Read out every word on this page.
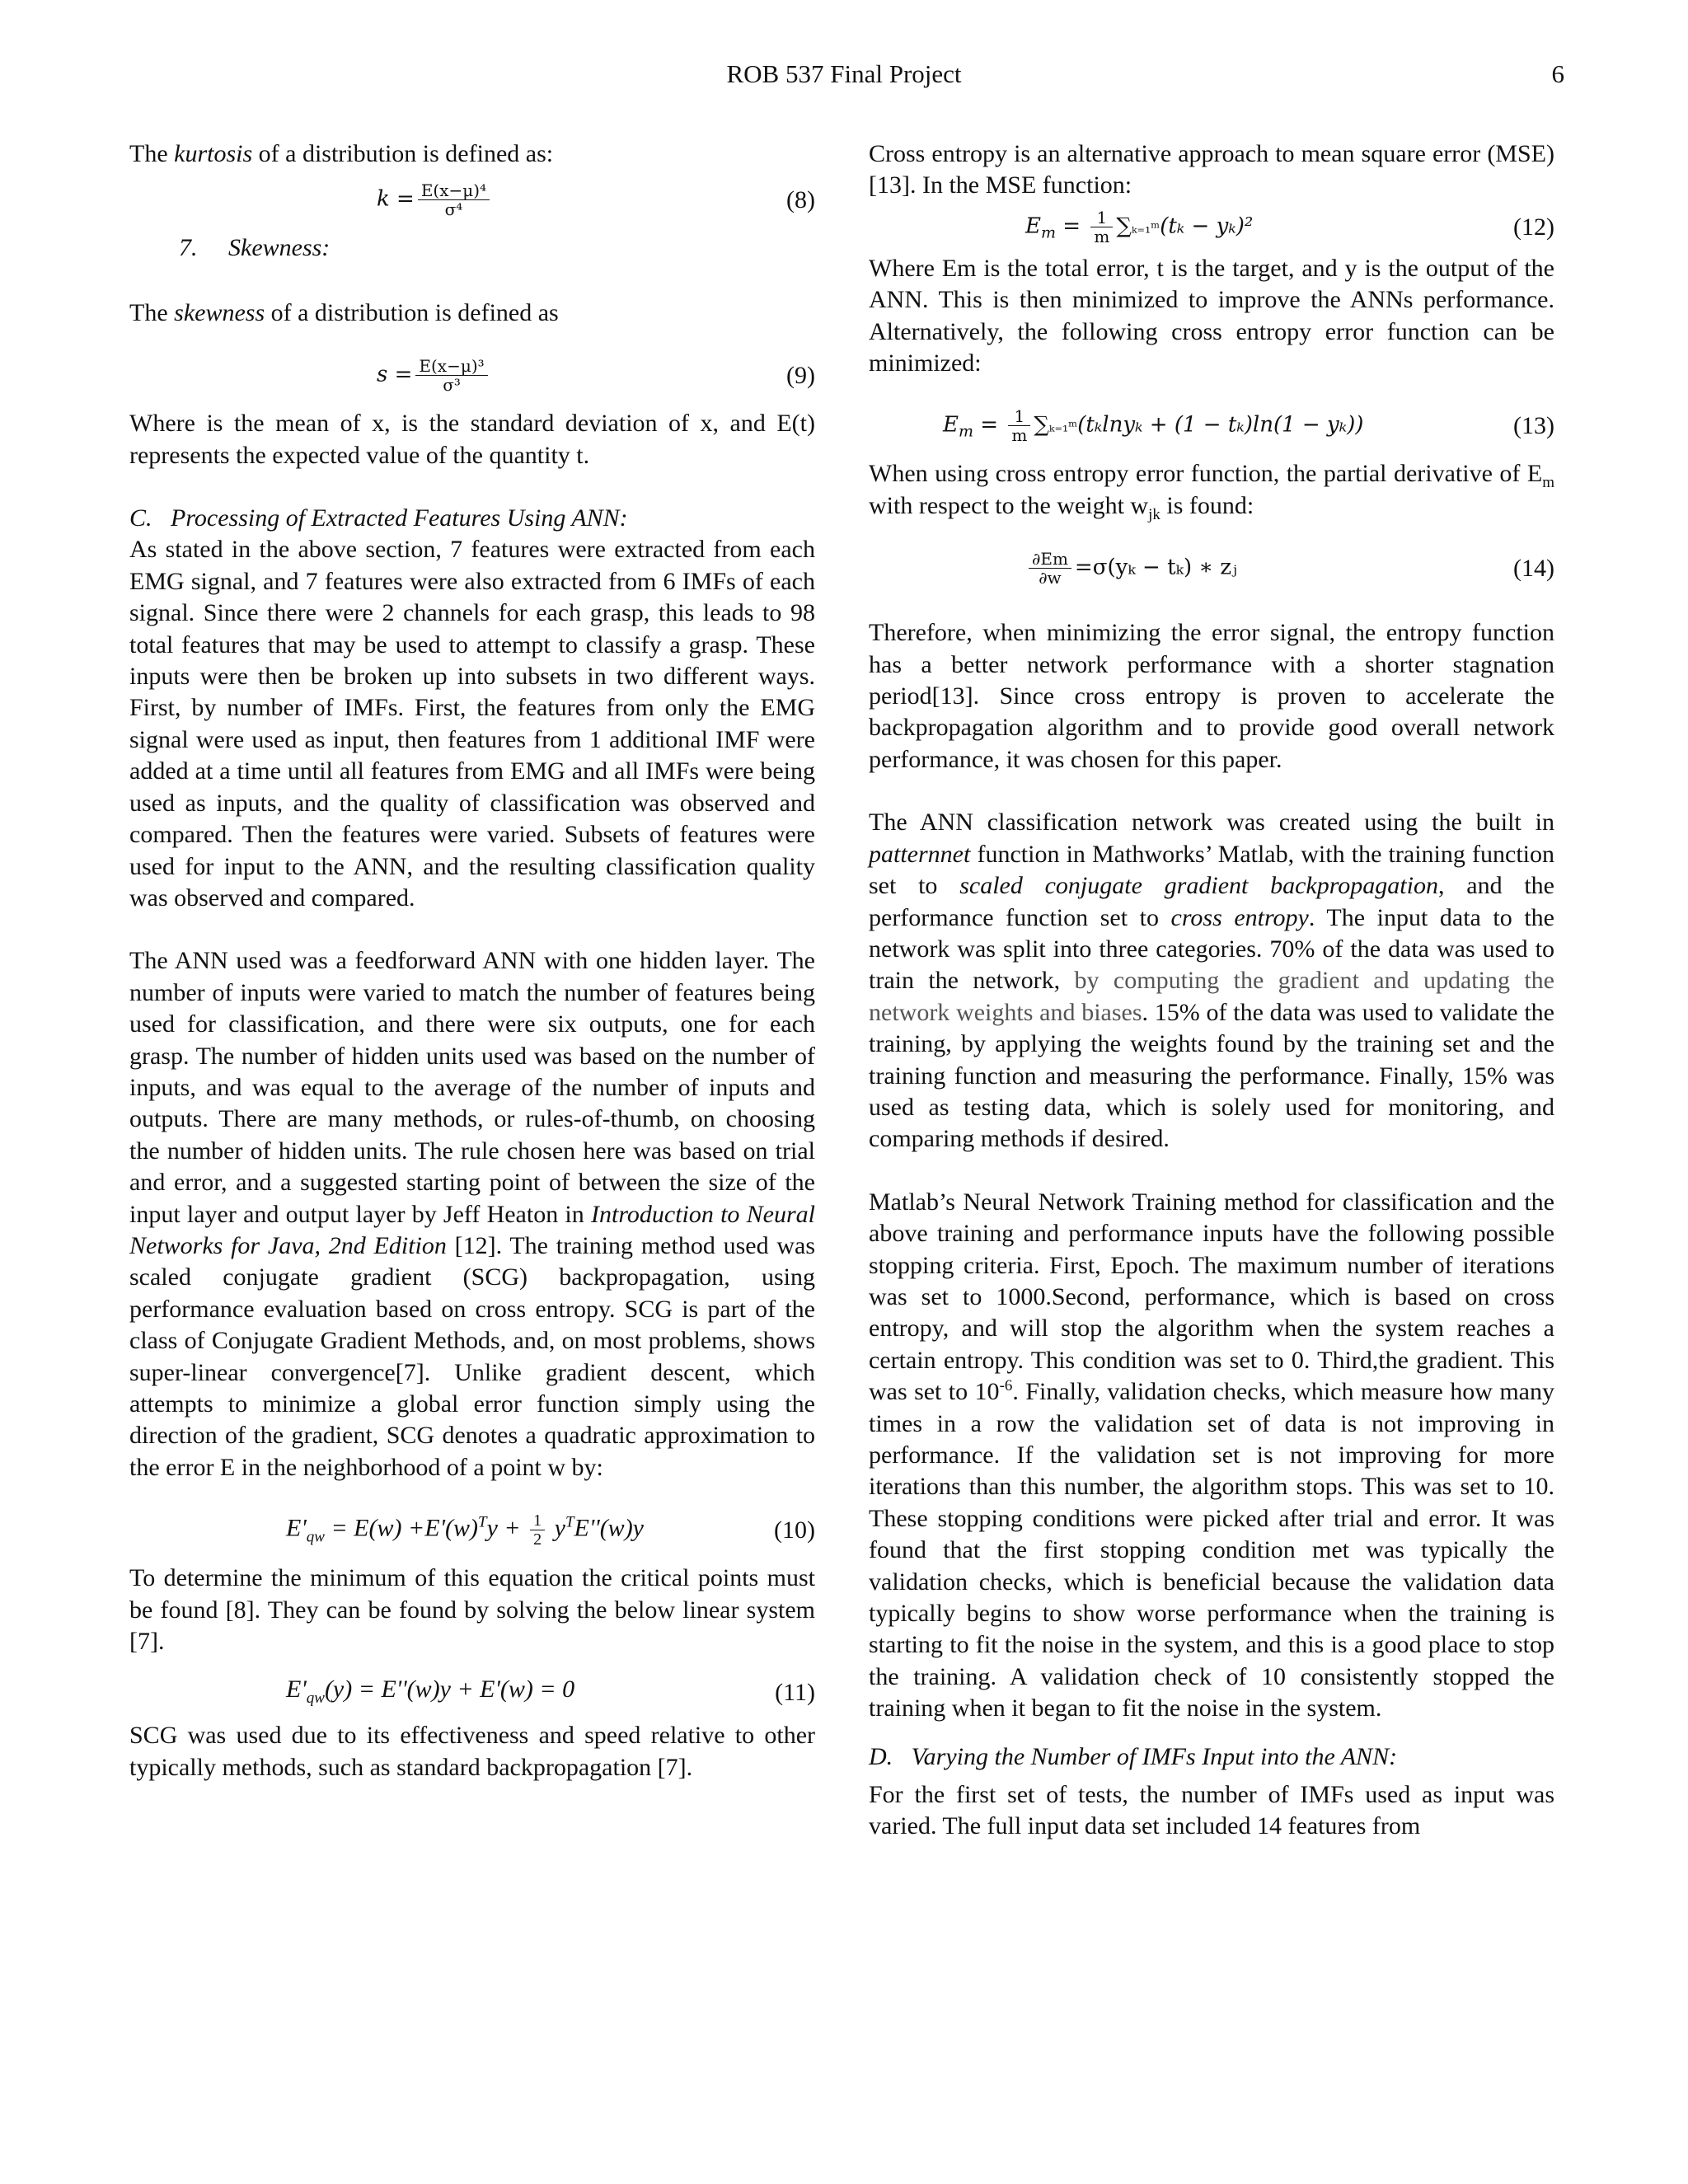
ROB 537 Final Project	6

The kurtosis of a distribution is defined as:

$k = \frac{\text{E(x−μ)⁴}}{\text{σ⁴}}$	(8)

7. Skewness:

The skewness of a distribution is defined as

$s = \frac{\text{E(x−μ)³}}{\text{σ³}}$	(9)

Where is the mean of x, is the standard deviation of x, and E(t) represents the expected value of the quantity t.

C. Processing of Extracted Features Using ANN:

As stated in the above section, 7 features were extracted from each EMG signal, and 7 features were also extracted from 6 IMFs of each signal. Since there were 2 channels for each grasp, this leads to 98 total features that may be used to attempt to classify a grasp. These inputs were then be broken up into subsets in two different ways. First, by number of IMFs. First, the features from only the EMG signal were used as input, then features from 1 additional IMF were added at a time until all features from EMG and all IMFs were being used as inputs, and the quality of classification was observed and compared. Then the features were varied. Subsets of features were used for input to the ANN, and the resulting classification quality was observed and compared.

The ANN used was a feedforward ANN with one hidden layer. The number of inputs were varied to match the number of features being used for classification, and there were six outputs, one for each grasp. The number of hidden units used was based on the number of inputs, and was equal to the average of the number of inputs and outputs. There are many methods, or rules-of-thumb, on choosing the number of hidden units. The rule chosen here was based on trial and error, and a suggested starting point of between the size of the input layer and output layer by Jeff Heaton in Introduction to Neural Networks for Java, 2nd Edition [12]. The training method used was scaled conjugate gradient (SCG) backpropagation, using performance evaluation based on cross entropy. SCG is part of the class of Conjugate Gradient Methods, and, on most problems, shows super-linear convergence[7]. Unlike gradient descent, which attempts to minimize a global error function simply using the direction of the gradient, SCG denotes a quadratic approximation to the error E in the neighborhood of a point w by:

$E'_{qw} = E(w) +E'(w)^Ty + \frac{1}{2} y^TE''(w)y$	(10)

To determine the minimum of this equation the critical points must be found [8]. They can be found by solving the below linear system [7].

$E'_{qw}(y) = E''(w)y + E'(w) = 0$	(11)

SCG was used due to its effectiveness and speed relative to other typically methods, such as standard backpropagation [7].

Cross entropy is an alternative approach to mean square error (MSE) [13]. In the MSE function:

$E_m = \frac{1}{m}$ ∑ₖ₌₁ᵐ(tₖ − yₖ)²	(12)

Where Em is the total error, t is the target, and y is the output of the ANN. This is then minimized to improve the ANNs performance. Alternatively, the following cross entropy error function can be minimized:

$E_m = \frac{1}{m}$ ∑ₖ₌₁ᵐ(tₖlnyₖ + (1 − tₖ)ln(1 − yₖ))	(13)

When using cross entropy error function, the partial derivative of $E_m$ with respect to the weight $w_{jk}$ is found:

$\frac{\partial Em}{\partial w} =\sigma(y_k - t_k)$ ∗ zⱼ	(14)

Therefore, when minimizing the error signal, the entropy function has a better network performance with a shorter stagnation period[13]. Since cross entropy is proven to accelerate the backpropagation algorithm and to provide good overall network performance, it was chosen for this paper.

The ANN classification network was created using the built in patternnet function in Mathworks’ Matlab, with the training function set to scaled conjugate gradient backpropagation, and the performance function set to cross entropy. The input data to the network was split into three categories. 70% of the data was used to train the network, by computing the gradient and updating the network weights and biases. 15% of the data was used to validate the training, by applying the weights found by the training set and the training function and measuring the performance. Finally, 15% was used as testing data, which is solely used for monitoring, and comparing methods if desired.

Matlab’s Neural Network Training method for classification and the above training and performance inputs have the following possible stopping criteria. First, Epoch. The maximum number of iterations was set to 1000.Second, performance, which is based on cross entropy, and will stop the algorithm when the system reaches a certain entropy. This condition was set to 0. Third,the gradient. This was set to $10^{-6}$. Finally, validation checks, which measure how many times in a row the validation set of data is not improving in performance. If the validation set is not improving for more iterations than this number, the algorithm stops. This was set to 10. These stopping conditions were picked after trial and error. It was found that the first stopping condition met was typically the validation checks, which is beneficial because the validation data typically begins to show worse performance when the training is starting to fit the noise in the system, and this is a good place to stop the training. A validation check of 10 consistently stopped the training when it began to fit the noise in the system.

D. Varying the Number of IMFs Input into the ANN:

For the first set of tests, the number of IMFs used as input was varied. The full input data set included 14 features from
